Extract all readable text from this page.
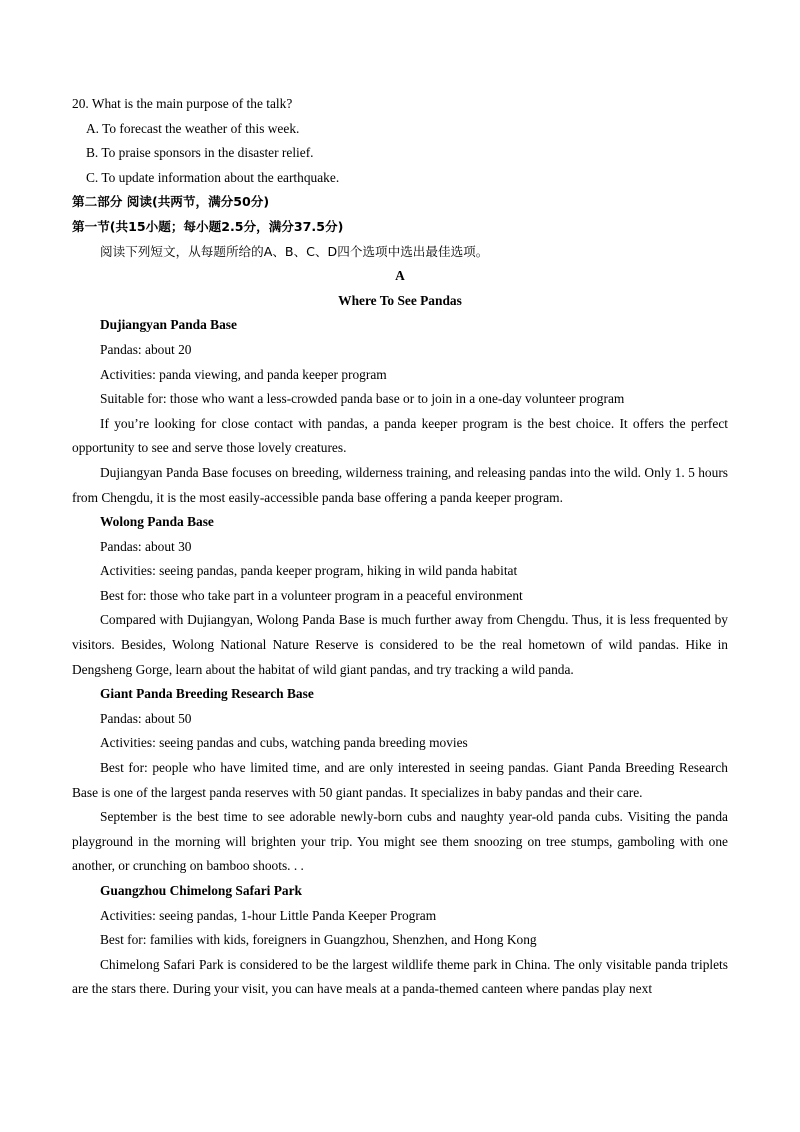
20. What is the main purpose of the talk?
A. To forecast the weather of this week.
B. To praise sponsors in the disaster relief.
C. To update information about the earthquake.
第二部分 阅读(共两节，满分50分)
第一节(共15小题；每小题2.5分，满分37.5分)
阅读下列短文，从每题所给的A、B、C、D四个选项中选出最佳选项。
A
Where To See Pandas
Dujiangyan Panda Base
Pandas: about 20
Activities: panda viewing, and panda keeper program
Suitable for: those who want a less-crowded panda base or to join in a one-day volunteer program
If you’re looking for close contact with pandas, a panda keeper program is the best choice. It offers the perfect opportunity to see and serve those lovely creatures.
Dujiangyan Panda Base focuses on breeding, wilderness training, and releasing pandas into the wild. Only 1. 5 hours from Chengdu, it is the most easily-accessible panda base offering a panda keeper program.
Wolong Panda Base
Pandas: about 30
Activities: seeing pandas, panda keeper program, hiking in wild panda habitat
Best for: those who take part in a volunteer program in a peaceful environment
Compared with Dujiangyan, Wolong Panda Base is much further away from Chengdu. Thus, it is less frequented by visitors. Besides, Wolong National Nature Reserve is considered to be the real hometown of wild pandas. Hike in Dengsheng Gorge, learn about the habitat of wild giant pandas, and try tracking a wild panda.
Giant Panda Breeding Research Base
Pandas: about 50
Activities: seeing pandas and cubs, watching panda breeding movies
Best for: people who have limited time, and are only interested in seeing pandas. Giant Panda Breeding Research Base is one of the largest panda reserves with 50 giant pandas. It specializes in baby pandas and their care.
September is the best time to see adorable newly-born cubs and naughty year-old panda cubs. Visiting the panda playground in the morning will brighten your trip. You might see them snoozing on tree stumps, gamboling with one another, or crunching on bamboo shoots. . .
Guangzhou Chimelong Safari Park
Activities: seeing pandas, 1-hour Little Panda Keeper Program
Best for: families with kids, foreigners in Guangzhou, Shenzhen, and Hong Kong
Chimelong Safari Park is considered to be the largest wildlife theme park in China. The only visitable panda triplets are the stars there. During your visit, you can have meals at a panda-themed canteen where pandas play next
